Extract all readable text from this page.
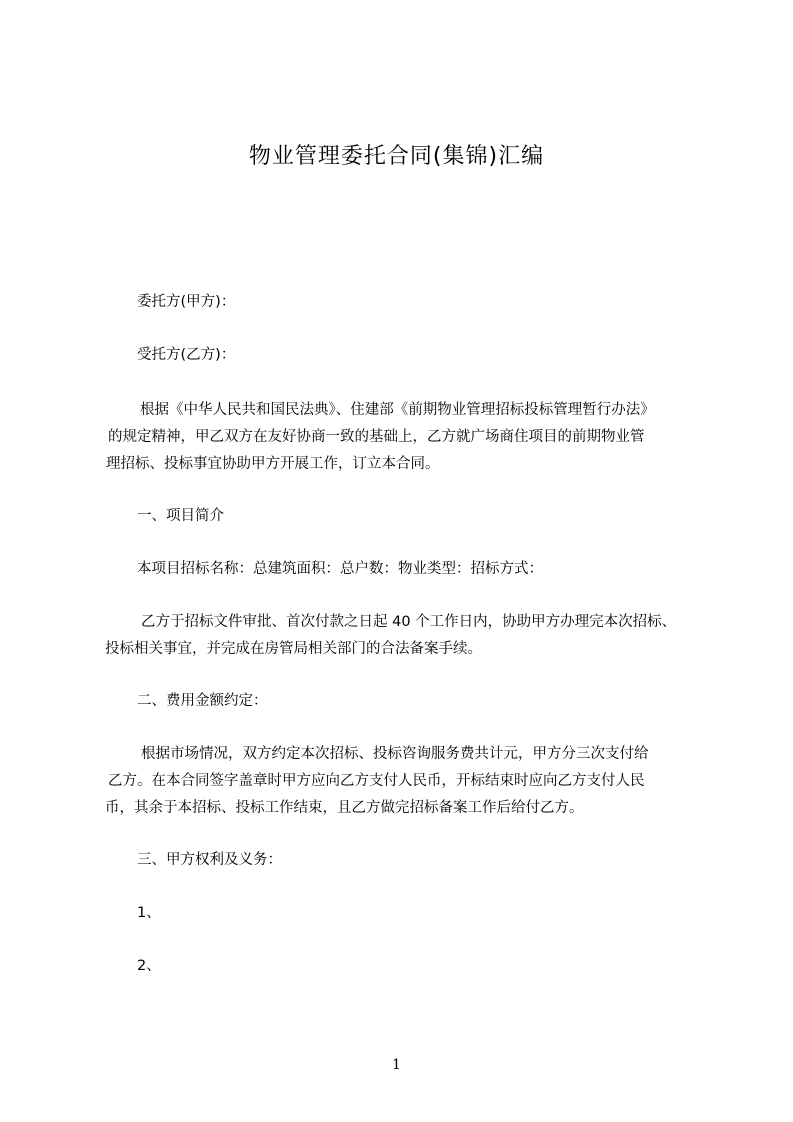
物业管理委托合同(集锦)汇编
委托方(甲方)：
受托方(乙方)：
根据《中华人民共和国民法典》、住建部《前期物业管理招标投标管理暂行办法》
的规定精神，甲乙双方在友好协商一致的基础上，乙方就广场商住项目的前期物业管
理招标、投标事宜协助甲方开展工作，订立本合同。
一、项目简介
本项目招标名称：总建筑面积：总户数：物业类型：招标方式：
乙方于招标文件审批、首次付款之日起 40 个工作日内，协助甲方办理完本次招标、
投标相关事宜，并完成在房管局相关部门的合法备案手续。
二、费用金额约定：
根据市场情况，双方约定本次招标、投标咨询服务费共计元，甲方分三次支付给
乙方。在本合同签字盖章时甲方应向乙方支付人民币，开标结束时应向乙方支付人民
币，其余于本招标、投标工作结束，且乙方做完招标备案工作后给付乙方。
三、甲方权利及义务：
1、
2、
1
